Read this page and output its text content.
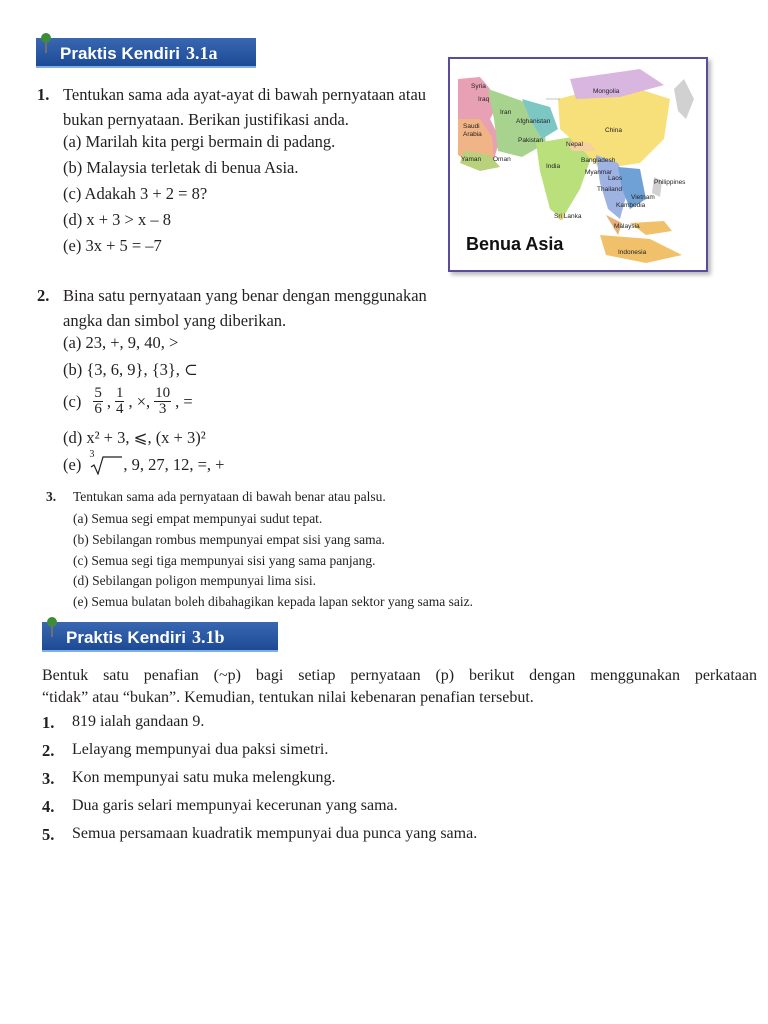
Praktis Kendiri 3.1a
1. Tentukan sama ada ayat-ayat di bawah pernyataan atau
bukan pernyataan. Berikan justifikasi anda.
(a) Marilah kita pergi bermain di padang.
(b) Malaysia terletak di benua Asia.
(c) Adakah 3 + 2 = 8?
(d) x + 3 > x – 8
(e) 3x + 5 = –7
Syria
Iraq
Iran
Saudi Arabia
Afghanistan
Pakistan
Mongolia
China
Nepal
India
Bangladesh
Myanmar
Laos
Thailand
Vietnam
Kambodia
Philippines
Sri Lanka
Malaysia
Indonesia
Yaman Oman
Benua Asia
2. Bina satu pernyataan yang benar dengan menggunakan
angka dan simbol yang diberikan.
(a) 23, +, 9, 40, >
(b) {3, 6, 9}, {3}, ⊂
$(c) \frac{5}{6}$ , $\frac{1}{4}$ , ×, $\frac{10}{3}$ , =
(d) x² + 3, ⩽, (x + 3)²
(e)
3
, 9, 27, 12, =, +
3. Tentukan sama ada pernyataan di bawah benar atau palsu.
(a) Semua segi empat mempunyai sudut tepat.
(b) Sebilangan rombus mempunyai empat sisi yang sama.
(c) Semua segi tiga mempunyai sisi yang sama panjang.
(d) Sebilangan poligon mempunyai lima sisi.
(e) Semua bulatan boleh dibahagikan kepada lapan sektor yang sama saiz.
Praktis Kendiri 3.1b
Bentuk satu penafian (~p) bagi setiap pernyataan (p) berikut dengan menggunakan perkataan
“tidak” atau “bukan”. Kemudian, tentukan nilai kebenaran penafian tersebut.
1. 819 ialah gandaan 9.
2. Lelayang mempunyai dua paksi simetri.
3. Kon mempunyai satu muka melengkung.
4. Dua garis selari mempunyai kecerunan yang sama.
5. Semua persamaan kuadratik mempunyai dua punca yang sama.
